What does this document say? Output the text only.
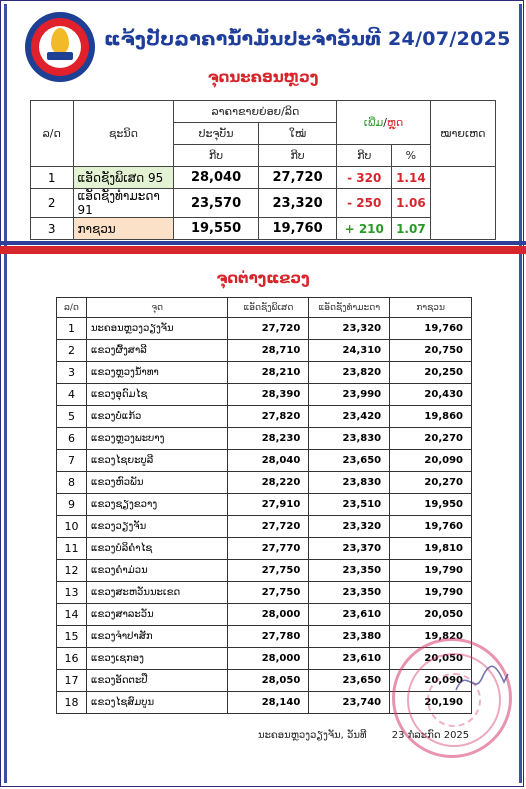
ແຈ້ງປັບລາຄານ້ຳມັນປະຈຳວັນທີ 24/07/2025
ຈຸດນະຄອນຫຼວງ
ລ/ດ	ຊະນິດ	ລາຄາຂາຍຍ່ອຍ/ລິດ		ເພີ່ມ/ຫຼຸດ		ໝາຍເຫດ
		ປະຈຸບັນ	ໃໝ່			
		ກີບ	ກີບ	ກີບ	%	
1	ແອັດຊັງພິເສດ 95	28,040	27,720	- 320	1.14	
2	ແອັດຊັງທຳມະດາ 91	23,570	23,320	- 250	1.06	
3	ກາຊວນ	19,550	19,760	+ 210	1.07	
ຈຸດຕ່າງແຂວງ
ລ/ດ	ຈຸດ	ແອັດຊັງພິເສດ	ແອັດຊັງທຳມະດາ	ກາຊວນ
1	ນະຄອນຫຼວງວຽງຈັນ	27,720	23,320	19,760
2	ແຂວງຜົ້ງສາລີ	28,710	24,310	20,750
3	ແຂວງຫຼວງນ້ຳທາ	28,210	23,820	20,250
4	ແຂວງອຸດົມໄຊ	28,390	23,990	20,430
5	ແຂວງບໍ່ແກ້ວ	27,820	23,420	19,860
6	ແຂວງຫຼວງພະບາງ	28,230	23,830	20,270
7	ແຂວງໄຊຍະບູລີ	28,040	23,650	20,090
8	ແຂວງຫົວພັນ	28,220	23,830	20,270
9	ແຂວງຊຽງຂວາງ	27,910	23,510	19,950
10	ແຂວງວຽງຈັນ	27,720	23,320	19,760
11	ແຂວງບໍລິຄຳໄຊ	27,770	23,370	19,810
12	ແຂວງຄຳມ່ວນ	27,750	23,350	19,790
13	ແຂວງສະຫວັນນະເຂດ	27,750	23,350	19,790
14	ແຂວງສາລະວັນ	28,000	23,610	20,050
15	ແຂວງຈຳປາສັກ	27,780	23,380	19,820
16	ແຂວງເຊກອງ	28,000	23,610	20,050
17	ແຂວງອັດຕະປື	28,050	23,650	20,090
18	ແຂວງໄຊສົມບູນ	28,140	23,740	20,190
ນະຄອນຫຼວງວຽງຈັນ, ວັນທີ	23 ກໍລະກົດ 2025
